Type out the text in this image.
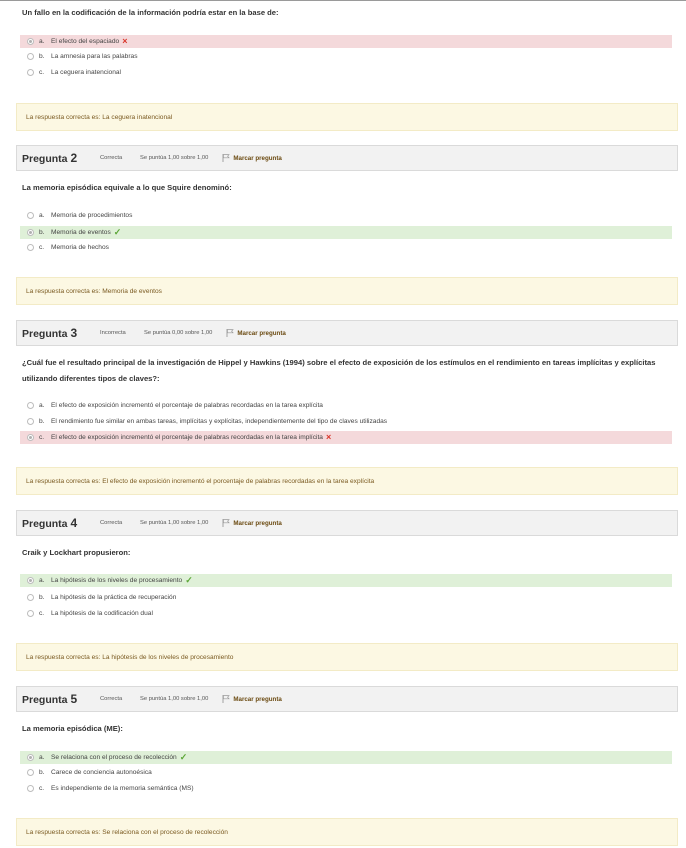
Un fallo en la codificación de la información podría estar en la base de:
a. El efecto del espaciado ×
b. La amnesia para las palabras
c.	La ceguera inatencional
La respuesta correcta es: La ceguera inatencional
Pregunta 2	Correcta	Se puntúa 1,00 sobre 1,00	Marcar pregunta
La memoria episódica equivale a lo que Squire denominó:
a. Memoria de procedimientos
b. Memoria de eventos ✓
c.	Memoria de hechos
La respuesta correcta es: Memoria de eventos
Pregunta 3	Incorrecta	Se puntúa 0,00 sobre 1,00	Marcar pregunta
¿Cuál fue el resultado principal de la investigación de Hippel y Hawkins (1994) sobre el efecto de exposición de los estímulos en el rendimiento en tareas implícitas y explícitas
utilizando diferentes tipos de claves?:
a. El efecto de exposición incrementó el porcentaje de palabras recordadas en la tarea explícita
b. El rendimiento fue similar en ambas tareas, implícitas y explícitas, independientemente del tipo de claves utilizadas
c.	El efecto de exposición incrementó el porcentaje de palabras recordadas en la tarea implícita ×
La respuesta correcta es: El efecto de exposición incrementó el porcentaje de palabras recordadas en la tarea explícita
Pregunta 4	Correcta	Se puntúa 1,00 sobre 1,00	Marcar pregunta
Craik y Lockhart propusieron:
a. La hipótesis de los niveles de procesamiento ✓
b. La hipótesis de la práctica de recuperación
c.	La hipótesis de la codificación dual
La respuesta correcta es: La hipótesis de los niveles de procesamiento
Pregunta 5	Correcta	Se puntúa 1,00 sobre 1,00	Marcar pregunta
La memoria episódica (ME):
a. Se relaciona con el proceso de recolección ✓
b. Carece de conciencia autonoésica
c.	Es independiente de la memoria semántica (MS)
La respuesta correcta es: Se relaciona con el proceso de recolección
